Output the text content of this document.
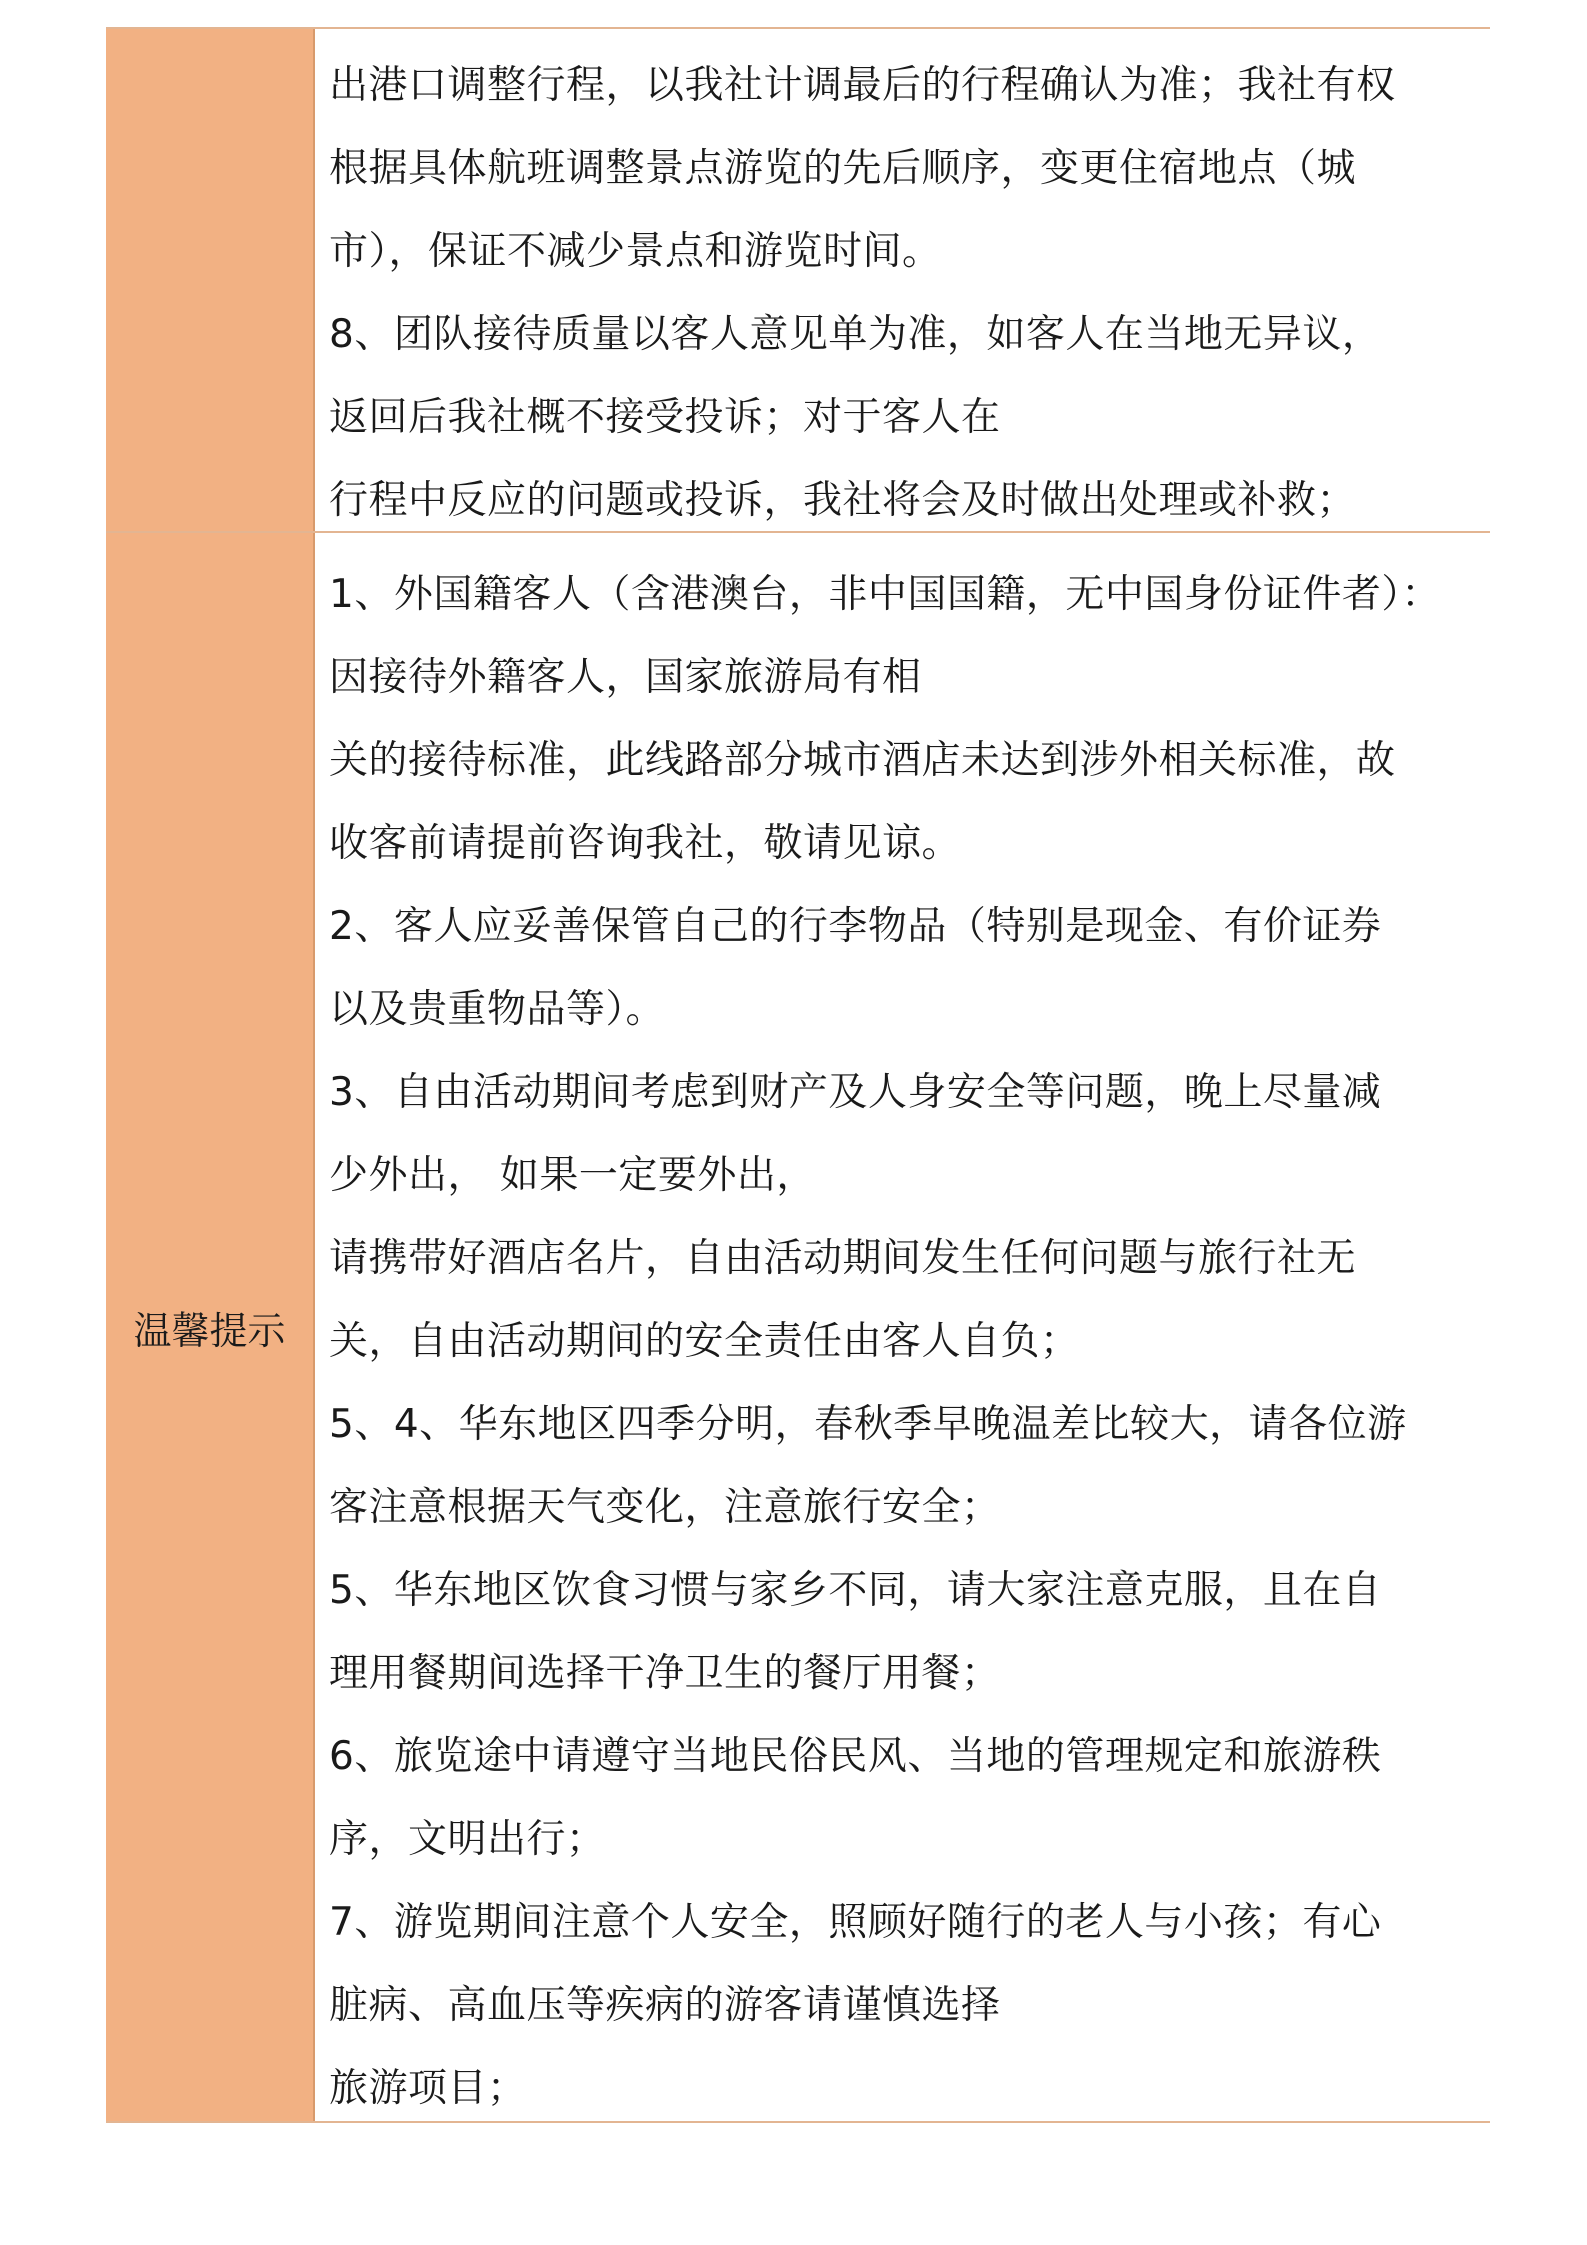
出港口调整行程，以我社计调最后的行程确认为准；我社有权
根据具体航班调整景点游览的先后顺序，变更住宿地点（城
市），保证不减少景点和游览时间。
8、团队接待质量以客人意见单为准，如客人在当地无异议，
返回后我社概不接受投诉；对于客人在
行程中反应的问题或投诉，我社将会及时做出处理或补救；
温馨提示
1、外国籍客人（含港澳台，非中国国籍，无中国身份证件者）：
因接待外籍客人，国家旅游局有相
关的接待标准，此线路部分城市酒店未达到涉外相关标准，故
收客前请提前咨询我社，敬请见谅。
2、客人应妥善保管自己的行李物品（特别是现金、有价证券
以及贵重物品等）。
3、自由活动期间考虑到财产及人身安全等问题，晚上尽量减
少外出， 如果一定要外出，
请携带好酒店名片，自由活动期间发生任何问题与旅行社无
关，自由活动期间的安全责任由客人自负；
5、4、华东地区四季分明，春秋季早晚温差比较大，请各位游
客注意根据天气变化，注意旅行安全；
5、华东地区饮食习惯与家乡不同，请大家注意克服，且在自
理用餐期间选择干净卫生的餐厅用餐；
6、旅览途中请遵守当地民俗民风、当地的管理规定和旅游秩
序，文明出行；
7、游览期间注意个人安全，照顾好随行的老人与小孩；有心
脏病、高血压等疾病的游客请谨慎选择
旅游项目；
